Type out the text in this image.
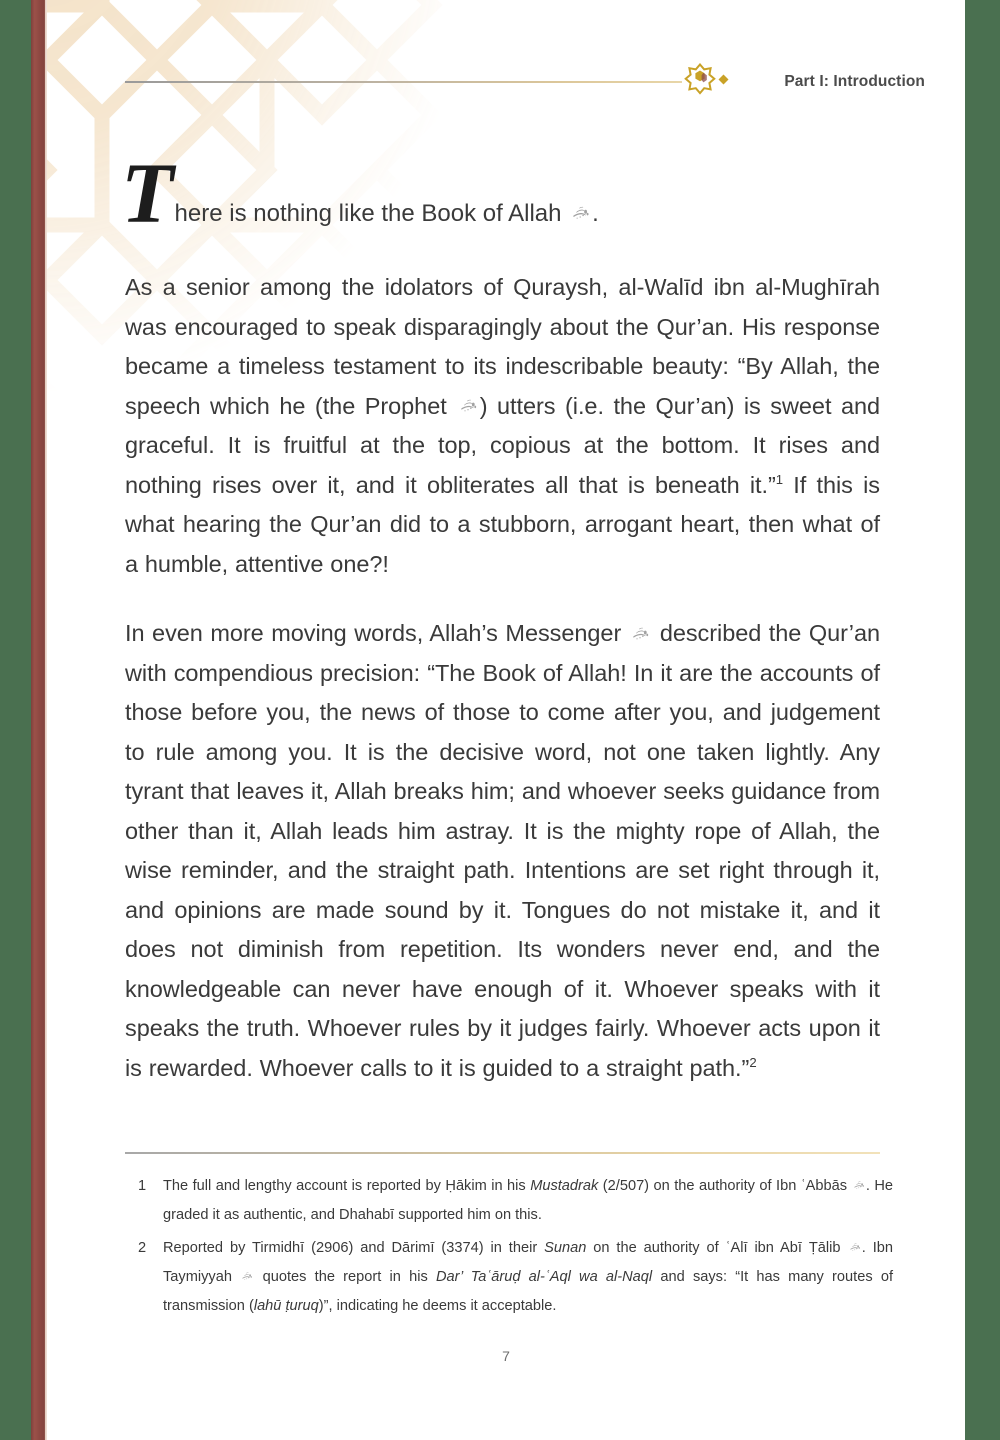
Part I: Introduction
T here is nothing like the Book of Allah
.

As a senior among the idolators of Quraysh, al-Walīd ibn al-Mughīrah was encouraged to speak disparagingly about the Qur’an. His response became a timeless testament to its indescribable beauty: “By Allah, the speech which he (the Prophet
) utters (i.e. the Qur’an) is sweet and graceful. It is fruitful at the top, copious at the bottom. It rises and nothing rises over it, and it obliterates all that is beneath it.”$^1$ If this is what hearing the Qur’an did to a stubborn, arrogant heart, then what of a humble, attentive one?!

In even more moving words, Allah’s Messenger
described the Qur’an with compendious precision: “The Book of Allah! In it are the accounts of those before you, the news of those to come after you, and judgement to rule among you. It is the decisive word, not one taken lightly. Any tyrant that leaves it, Allah breaks him; and whoever seeks guidance from other than it, Allah leads him astray. It is the mighty rope of Allah, the wise reminder, and the straight path. Intentions are set right through it, and opinions are made sound by it. Tongues do not mistake it, and it does not diminish from repetition. Its wonders never end, and the knowledgeable can never have enough of it. Whoever speaks with it speaks the truth. Whoever rules by it judges fairly. Whoever acts upon it is rewarded. Whoever calls to it is guided to a straight path.”$^2$

1	The full and lengthy account is reported by Ḥākim in his Mustadrak (2/507) on the authority of Ibn ʿAbbās
. He graded it as authentic, and Dhahabī supported him on this.
2	Reported by Tirmidhī (2906) and Dārimī (3374) in their Sunan on the authority of ʿAlī ibn Abī Ṭālib
. Ibn Taymiyyah
quotes the report in his Dar’ Taʿāruḍ al-ʿAql wa al-Naql and says: “It has many routes of transmission (lahū ṭuruq)”, indicating he deems it acceptable.
7
